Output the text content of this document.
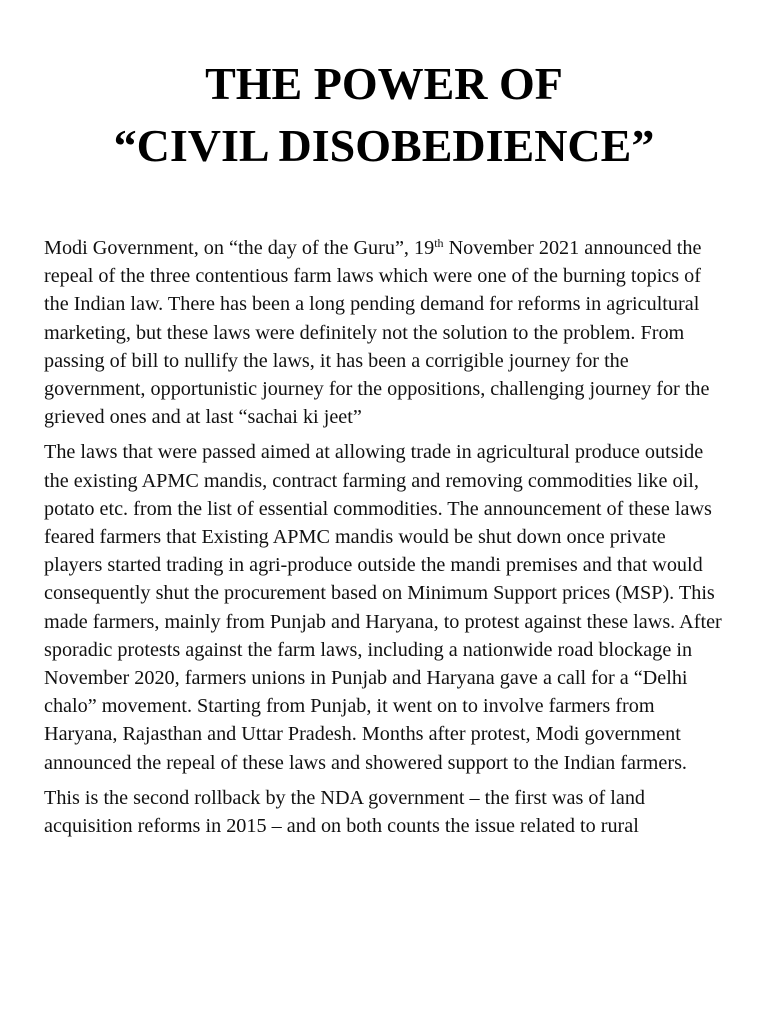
THE POWER OF
“CIVIL DISOBEDIENCE”

Modi Government, on “the day of the Guru”, 19th November 2021 announced the repeal of the three contentious farm laws which were one of the burning topics of the Indian law. There has been a long pending demand for reforms in agricultural marketing, but these laws were definitely not the solution to the problem. From passing of bill to nullify the laws, it has been a corrigible journey for the government, opportunistic journey for the oppositions, challenging journey for the grieved ones and at last “sachai ki jeet”

The laws that were passed aimed at allowing trade in agricultural produce outside the existing APMC mandis, contract farming and removing commodities like oil, potato etc. from the list of essential commodities. The announcement of these laws feared farmers that Existing APMC mandis would be shut down once private players started trading in agri-produce outside the mandi premises and that would consequently shut the procurement based on Minimum Support prices (MSP). This made farmers, mainly from Punjab and Haryana, to protest against these laws. After sporadic protests against the farm laws, including a nationwide road blockage in November 2020, farmers unions in Punjab and Haryana gave a call for a “Delhi chalo” movement. Starting from Punjab, it went on to involve farmers from Haryana, Rajasthan and Uttar Pradesh. Months after protest, Modi government announced the repeal of these laws and showered support to the Indian farmers.

This is the second rollback by the NDA government – the first was of land acquisition reforms in 2015 – and on both counts the issue related to rural
